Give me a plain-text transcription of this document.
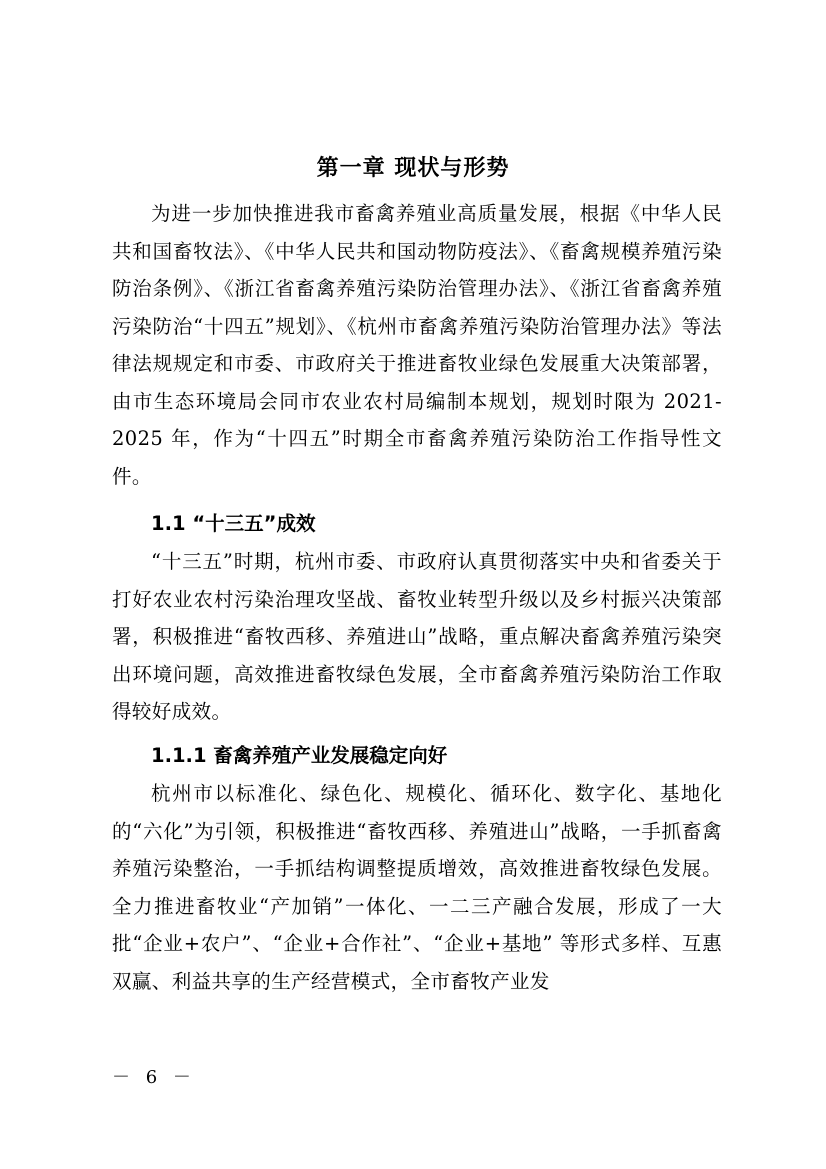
第一章 现状与形势

为进一步加快推进我市畜禽养殖业高质量发展，根据《中华人民共和国畜牧法》、《中华人民共和国动物防疫法》、《畜禽规模养殖污染防治条例》、《浙江省畜禽养殖污染防治管理办法》、《浙江省畜禽养殖污染防治“十四五”规划》、《杭州市畜禽养殖污染防治管理办法》等法律法规规定和市委、市政府关于推进畜牧业绿色发展重大决策部署，由市生态环境局会同市农业农村局编制本规划，规划时限为 2021-2025 年，作为“十四五”时期全市畜禽养殖污染防治工作指导性文件。

1.1 “十三五”成效

“十三五”时期，杭州市委、市政府认真贯彻落实中央和省委关于打好农业农村污染治理攻坚战、畜牧业转型升级以及乡村振兴决策部署，积极推进“畜牧西移、养殖进山”战略，重点解决畜禽养殖污染突出环境问题，高效推进畜牧绿色发展，全市畜禽养殖污染防治工作取得较好成效。

1.1.1 畜禽养殖产业发展稳定向好

杭州市以标准化、绿色化、规模化、循环化、数字化、基地化的“六化”为引领，积极推进“畜牧西移、养殖进山”战略，一手抓畜禽养殖污染整治，一手抓结构调整提质增效，高效推进畜牧绿色发展。全力推进畜牧业“产加销”一体化、一二三产融合发展，形成了一大批“企业+农户”、“企业+合作社”、“企业+基地” 等形式多样、互惠双赢、利益共享的生产经营模式，全市畜牧产业发

－ 6 －
